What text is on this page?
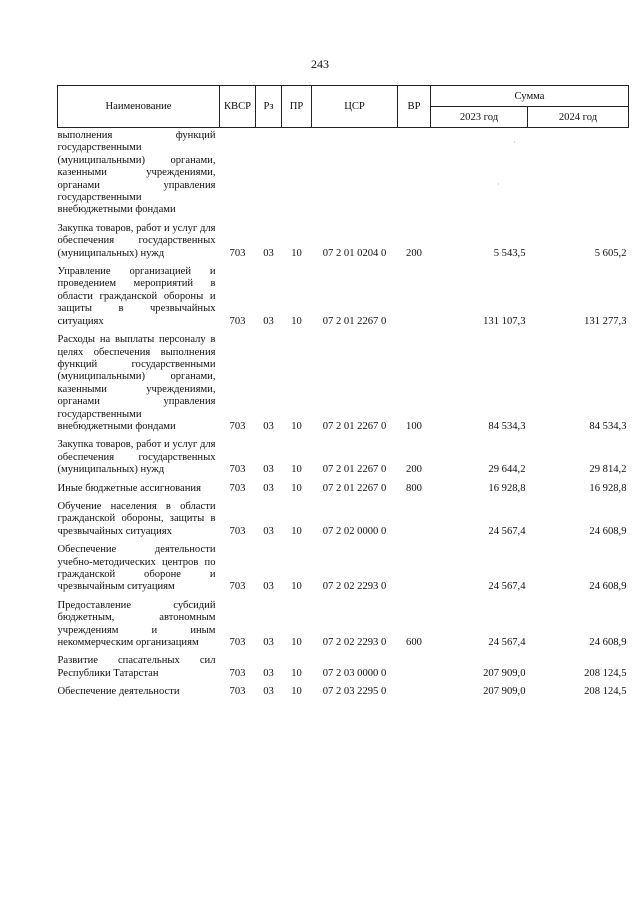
243
Наименование	КВСР	Рз	ПР	ЦСР	ВР	Сумма	
						2023 год	2024 год
выполнения функций государственными (муниципальными) органами, казенными учреждениями, органами управления государственными внебюджетными фондами							
Закупка товаров, работ и услуг для обеспечения государственных (муниципальных) нужд	703	03	10	07 2 01 0204 0	200	5 543,5	5 605,2
Управление организацией и проведением мероприятий в области гражданской обороны и защиты в чрезвычайных ситуациях	703	03	10	07 2 01 2267 0		131 107,3	131 277,3
Расходы на выплаты персоналу в целях обеспечения выполнения функций государственными (муниципальными) органами, казенными учреждениями, органами управления государственными внебюджетными фондами	703	03	10	07 2 01 2267 0	100	84 534,3	84 534,3
Закупка товаров, работ и услуг для обеспечения государственных (муниципальных) нужд	703	03	10	07 2 01 2267 0	200	29 644,2	29 814,2
Иные бюджетные ассигнования	703	03	10	07 2 01 2267 0	800	16 928,8	16 928,8
Обучение населения в области гражданской обороны, защиты в чрезвычайных ситуациях	703	03	10	07 2 02 0000 0		24 567,4	24 608,9
Обеспечение деятельности учебно-методических центров по гражданской обороне и чрезвычайным ситуациям	703	03	10	07 2 02 2293 0		24 567,4	24 608,9
Предоставление субсидий бюджетным, автономным учреждениям и иным некоммерческим организациям	703	03	10	07 2 02 2293 0	600	24 567,4	24 608,9
Развитие спасательных сил Республики Татарстан	703	03	10	07 2 03 0000 0		207 909,0	208 124,5
Обеспечение деятельности	703	03	10	07 2 03 2295 0		207 909,0	208 124,5
·
·
